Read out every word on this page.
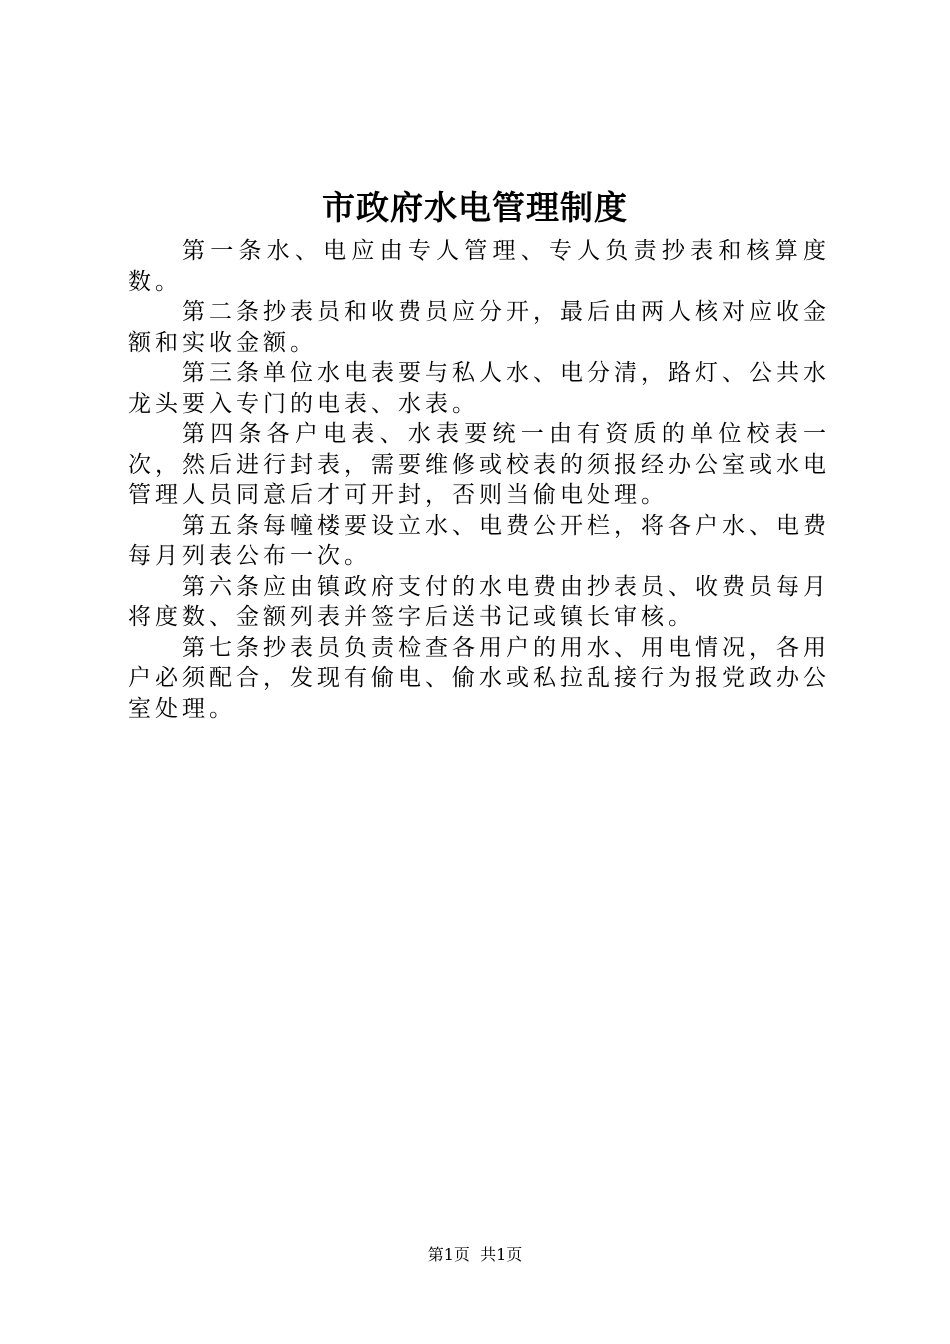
市政府水电管理制度

第一条水、电应由专人管理、专人负责抄表和核算度数。

第二条抄表员和收费员应分开，最后由两人核对应收金额和实收金额。

第三条单位水电表要与私人水、电分清，路灯、公共水龙头要入专门的电表、水表。

第四条各户电表、水表要统一由有资质的单位校表一次，然后进行封表，需要维修或校表的须报经办公室或水电管理人员同意后才可开封，否则当偷电处理。

第五条每幢楼要设立水、电费公开栏，将各户水、电费每月列表公布一次。

第六条应由镇政府支付的水电费由抄表员、收费员每月将度数、金额列表并签字后送书记或镇长审核。

第七条抄表员负责检查各用户的用水、用电情况，各用户必须配合，发现有偷电、偷水或私拉乱接行为报党政办公室处理。

第1页 共1页
